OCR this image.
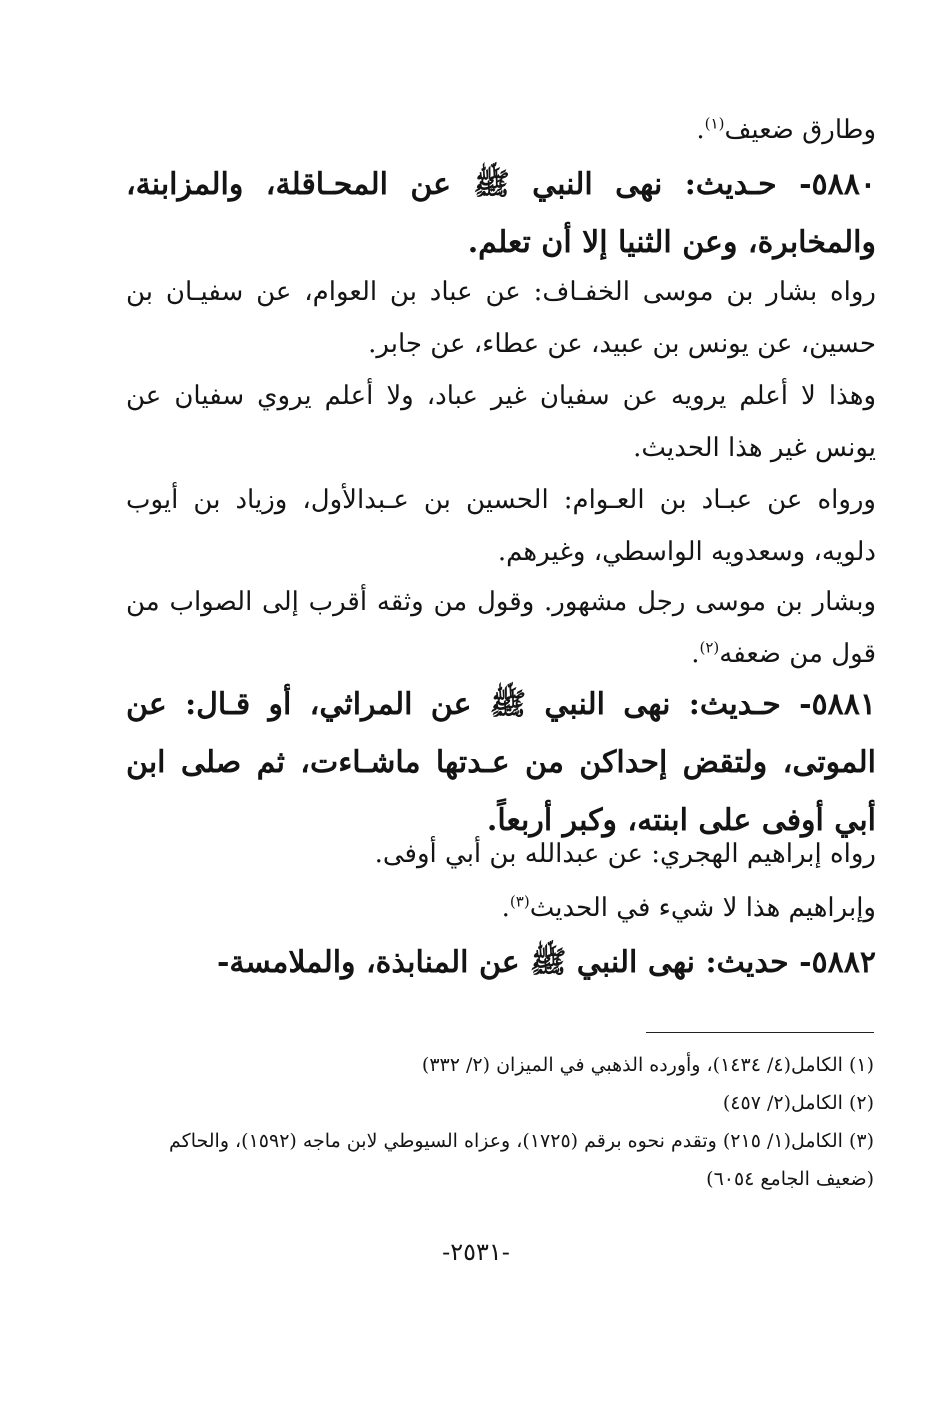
وطارق ضعيف$^{(١)}$.
٥٨٨٠- حـديث: نهى النبي ﷺ عن المحـاقلة، والمزابنة، والمخابرة، وعن الثنيا إلا أن تعلم.
رواه بشار بن موسى الخفـاف: عن عباد بن العوام، عن سفيـان بن حسين، عن يونس بن عبيد، عن عطاء، عن جابر.
وهذا لا أعلم يرويه عن سفيان غير عباد، ولا أعلم يروي سفيان عن يونس غير هذا الحديث.
ورواه عن عبـاد بن العـوام: الحسين بن عـبدالأول، وزياد بن أيوب دلويه، وسعدويه الواسطي، وغيرهم.
وبشار بن موسى رجل مشهور. وقول من وثقه أقرب إلى الصواب من قول من ضعفه$^{(٢)}$.
٥٨٨١- حـديث: نهى النبي ﷺ عن المراثي، أو قـال: عن الموتى، ولتقض إحداكن من عـدتها ماشـاءت، ثم صلى ابن أبي أوفى على ابنته، وكبر أربعاً.
رواه إبراهيم الهجري: عن عبدالله بن أبي أوفى.
وإبراهيم هذا لا شيء في الحديث$^{(٣)}$.
٥٨٨٢- حديث: نهى النبي ﷺ عن المنابذة، والملامسة-

(١) الكامل(٤/ ١٤٣٤)، وأورده الذهبي في الميزان (٢/ ٣٣٢)

(٢) الكامل(٢/ ٤٥٧)

(٣) الكامل(١/ ٢١٥) وتقدم نحوه برقم (١٧٢٥)، وعزاه السيوطي لابن ماجه (١٥٩٢)، والحاكم (ضعيف الجامع ٦٠٥٤)

-٢٥٣١-
